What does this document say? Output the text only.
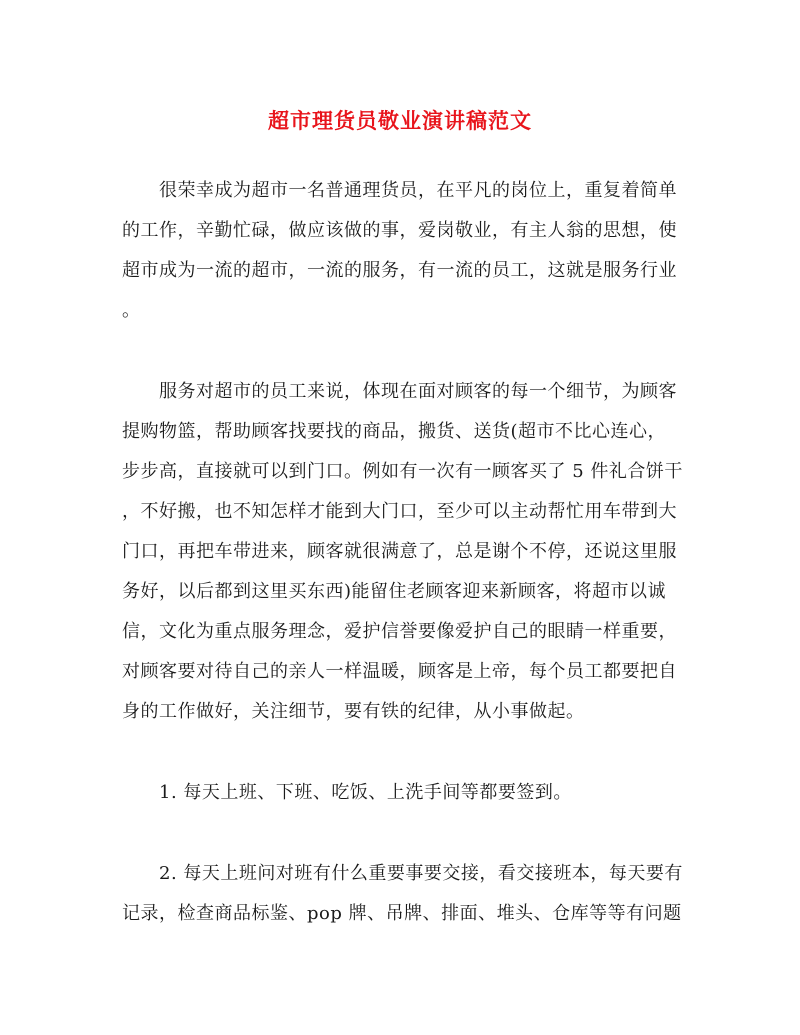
超市理货员敬业演讲稿范文
很荣幸成为超市一名普通理货员，在平凡的岗位上，重复着简单
的工作，辛勤忙碌，做应该做的事，爱岗敬业，有主人翁的思想，使
超市成为一流的超市，一流的服务，有一流的员工，这就是服务行业
。
服务对超市的员工来说，体现在面对顾客的每一个细节，为顾客
提购物篮，帮助顾客找要找的商品，搬货、送货(超市不比心连心，
步步高，直接就可以到门口。例如有一次有一顾客买了 5 件礼合饼干
，不好搬，也不知怎样才能到大门口，至少可以主动帮忙用车带到大
门口，再把车带进来，顾客就很满意了，总是谢个不停，还说这里服
务好，以后都到这里买东西)能留住老顾客迎来新顾客，将超市以诚
信，文化为重点服务理念，爱护信誉要像爱护自己的眼睛一样重要，
对顾客要对待自己的亲人一样温暖，顾客是上帝，每个员工都要把自
身的工作做好，关注细节，要有铁的纪律，从小事做起。
1. 每天上班、下班、吃饭、上洗手间等都要签到。
2. 每天上班问对班有什么重要事要交接，看交接班本，每天要有
记录，检查商品标鉴、pop 牌、吊牌、排面、堆头、仓库等等有问题
